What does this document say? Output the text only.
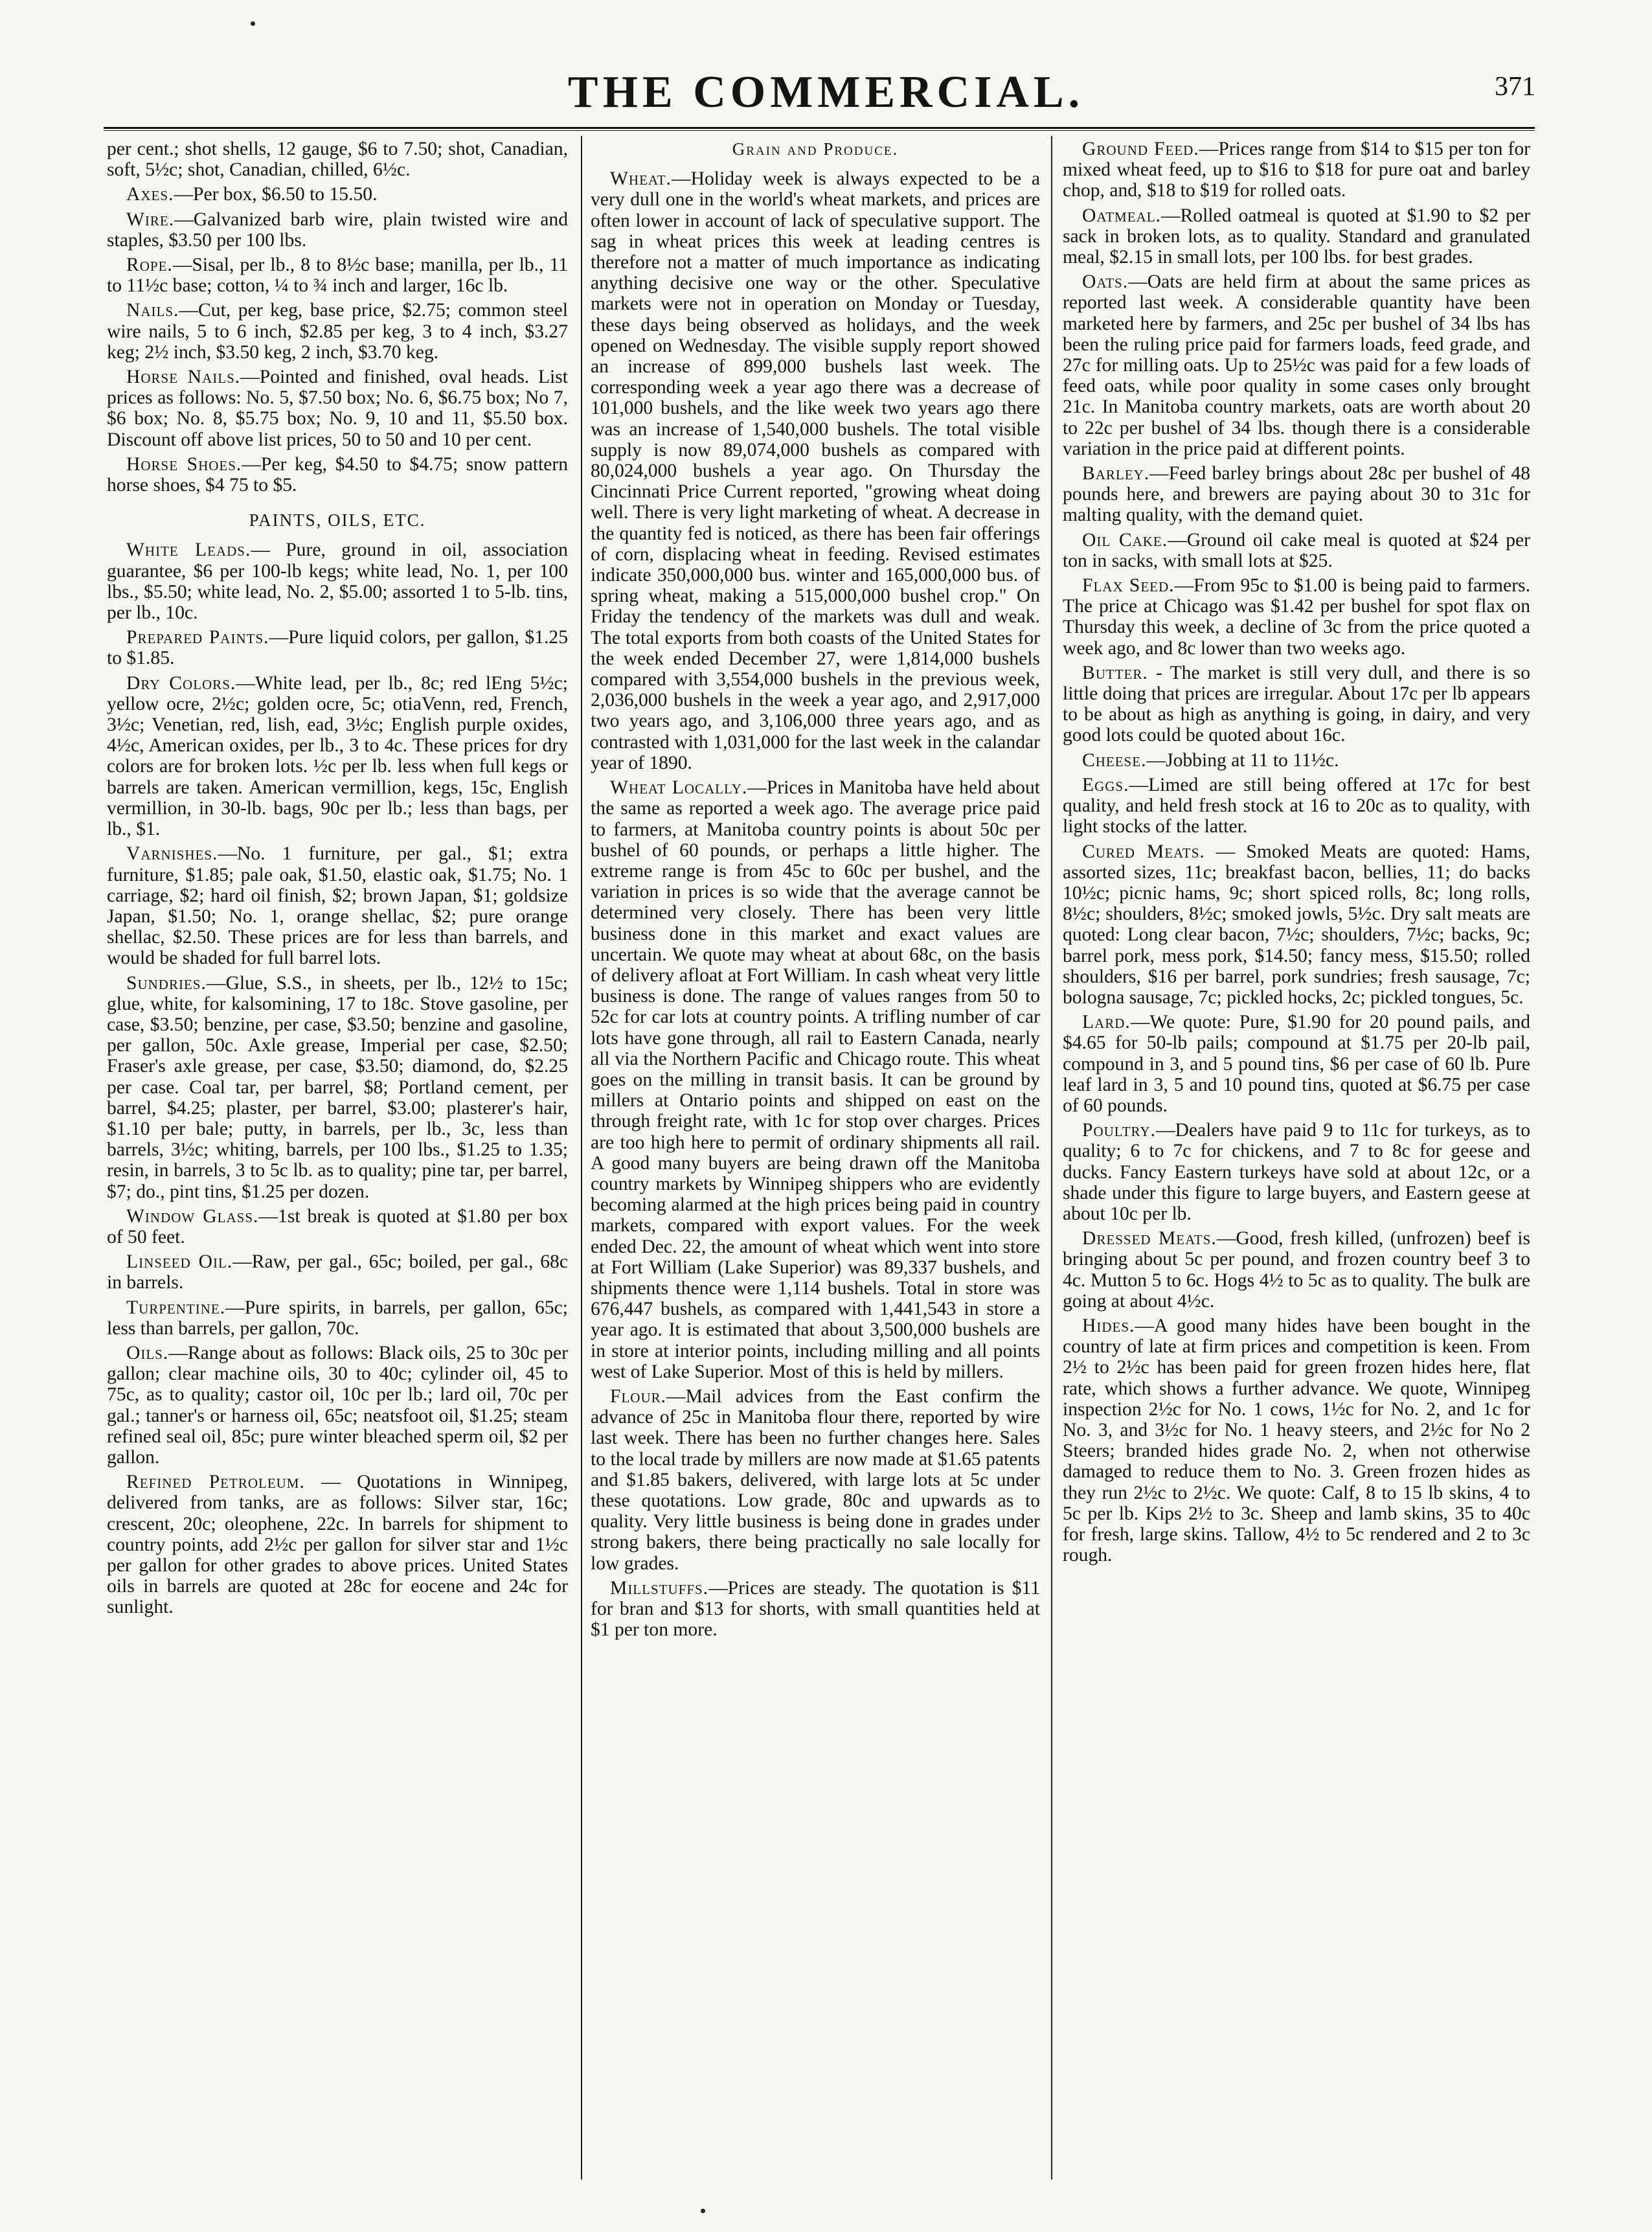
THE COMMERCIAL.	371

per cent.; shot shells, 12 gauge, $6 to 7.50; shot, Canadian, soft, 5½c; shot, Canadian, chilled, 6½c.

Axes.—Per box, $6.50 to 15.50.

Wire.—Galvanized barb wire, plain twisted wire and staples, $3.50 per 100 lbs.

Rope.—Sisal, per lb., 8 to 8½c base; manilla, per lb., 11 to 11½c base; cotton, ¼ to ¾ inch and larger, 16c lb.

Nails.—Cut, per keg, base price, $2.75; common steel wire nails, 5 to 6 inch, $2.85 per keg, 3 to 4 inch, $3.27 keg; 2½ inch, $3.50 keg, 2 inch, $3.70 keg.

Horse Nails.—Pointed and finished, oval heads. List prices as follows: No. 5, $7.50 box; No. 6, $6.75 box; No 7, $6 box; No. 8, $5.75 box; No. 9, 10 and 11, $5.50 box. Discount off above list prices, 50 to 50 and 10 per cent.

Horse Shoes.—Per keg, $4.50 to $4.75; snow pattern horse shoes, $4 75 to $5.

PAINTS, OILS, ETC.

White Leads.— Pure, ground in oil, association guarantee, $6 per 100-lb kegs; white lead, No. 1, per 100 lbs., $5.50; white lead, No. 2, $5.00; assorted 1 to 5-lb. tins, per lb., 10c.

Prepared Paints.—Pure liquid colors, per gallon, $1.25 to $1.85.

Dry Colors.—White lead, per lb., 8c; red lEng 5½c; yellow ocre, 2½c; golden ocre, 5c; otiaVenn, red, French, 3½c; Venetian, red, lish, ead, 3½c; English purple oxides, 4½c, American oxides, per lb., 3 to 4c. These prices for dry colors are for broken lots. ½c per lb. less when full kegs or barrels are taken. American vermillion, kegs, 15c, English vermillion, in 30-lb. bags, 90c per lb.; less than bags, per lb., $1.

Varnishes.—No. 1 furniture, per gal., $1; extra furniture, $1.85; pale oak, $1.50, elastic oak, $1.75; No. 1 carriage, $2; hard oil finish, $2; brown Japan, $1; goldsize Japan, $1.50; No. 1, orange shellac, $2; pure orange shellac, $2.50. These prices are for less than barrels, and would be shaded for full barrel lots.

Sundries.—Glue, S.S., in sheets, per lb., 12½ to 15c; glue, white, for kalsomining, 17 to 18c. Stove gasoline, per case, $3.50; benzine, per case, $3.50; benzine and gasoline, per gallon, 50c. Axle grease, Imperial per case, $2.50; Fraser's axle grease, per case, $3.50; diamond, do, $2.25 per case. Coal tar, per barrel, $8; Portland cement, per barrel, $4.25; plaster, per barrel, $3.00; plasterer's hair, $1.10 per bale; putty, in barrels, per lb., 3c, less than barrels, 3½c; whiting, barrels, per 100 lbs., $1.25 to 1.35; resin, in barrels, 3 to 5c lb. as to quality; pine tar, per barrel, $7; do., pint tins, $1.25 per dozen.

Window Glass.—1st break is quoted at $1.80 per box of 50 feet.

Linseed Oil.—Raw, per gal., 65c; boiled, per gal., 68c in barrels.

Turpentine.—Pure spirits, in barrels, per gallon, 65c; less than barrels, per gallon, 70c.

Oils.—Range about as follows: Black oils, 25 to 30c per gallon; clear machine oils, 30 to 40c; cylinder oil, 45 to 75c, as to quality; castor oil, 10c per lb.; lard oil, 70c per gal.; tanner's or harness oil, 65c; neatsfoot oil, $1.25; steam refined seal oil, 85c; pure winter bleached sperm oil, $2 per gallon.

Refined Petroleum. — Quotations in Winnipeg, delivered from tanks, are as follows: Silver star, 16c; crescent, 20c; oleophene, 22c. In barrels for shipment to country points, add 2½c per gallon for silver star and 1½c per gallon for other grades to above prices. United States oils in barrels are quoted at 28c for eocene and 24c for sunlight.

Grain and Produce.

Wheat.—Holiday week is always expected to be a very dull one in the world's wheat markets, and prices are often lower in account of lack of speculative support. The sag in wheat prices this week at leading centres is therefore not a matter of much importance as indicating anything decisive one way or the other. Speculative markets were not in operation on Monday or Tuesday, these days being observed as holidays, and the week opened on Wednesday. The visible supply report showed an increase of 899,000 bushels last week. The corresponding week a year ago there was a decrease of 101,000 bushels, and the like week two years ago there was an increase of 1,540,000 bushels. The total visible supply is now 89,074,000 bushels as compared with 80,024,000 bushels a year ago. On Thursday the Cincinnati Price Current reported, "growing wheat doing well. There is very light marketing of wheat. A decrease in the quantity fed is noticed, as there has been fair offerings of corn, displacing wheat in feeding. Revised estimates indicate 350,000,000 bus. winter and 165,000,000 bus. of spring wheat, making a 515,000,000 bushel crop." On Friday the tendency of the markets was dull and weak. The total exports from both coasts of the United States for the week ended December 27, were 1,814,000 bushels compared with 3,554,000 bushels in the previous week, 2,036,000 bushels in the week a year ago, and 2,917,000 two years ago, and 3,106,000 three years ago, and as contrasted with 1,031,000 for the last week in the calandar year of 1890.

Wheat Locally.—Prices in Manitoba have held about the same as reported a week ago. The average price paid to farmers, at Manitoba country points is about 50c per bushel of 60 pounds, or perhaps a little higher. The extreme range is from 45c to 60c per bushel, and the variation in prices is so wide that the average cannot be determined very closely. There has been very little business done in this market and exact values are uncertain. We quote may wheat at about 68c, on the basis of delivery afloat at Fort William. In cash wheat very little business is done. The range of values ranges from 50 to 52c for car lots at country points. A trifling number of car lots have gone through, all rail to Eastern Canada, nearly all via the Northern Pacific and Chicago route. This wheat goes on the milling in transit basis. It can be ground by millers at Ontario points and shipped on east on the through freight rate, with 1c for stop over charges. Prices are too high here to permit of ordinary shipments all rail. A good many buyers are being drawn off the Manitoba country markets by Winnipeg shippers who are evidently becoming alarmed at the high prices being paid in country markets, compared with export values. For the week ended Dec. 22, the amount of wheat which went into store at Fort William (Lake Superior) was 89,337 bushels, and shipments thence were 1,114 bushels. Total in store was 676,447 bushels, as compared with 1,441,543 in store a year ago. It is estimated that about 3,500,000 bushels are in store at interior points, including milling and all points west of Lake Superior. Most of this is held by millers.

Flour.—Mail advices from the East confirm the advance of 25c in Manitoba flour there, reported by wire last week. There has been no further changes here. Sales to the local trade by millers are now made at $1.65 patents and $1.85 bakers, delivered, with large lots at 5c under these quotations. Low grade, 80c and upwards as to quality. Very little business is being done in grades under strong bakers, there being practically no sale locally for low grades.

Millstuffs.—Prices are steady. The quotation is $11 for bran and $13 for shorts, with small quantities held at $1 per ton more.

Ground Feed.—Prices range from $14 to $15 per ton for mixed wheat feed, up to $16 to $18 for pure oat and barley chop, and, $18 to $19 for rolled oats.

Oatmeal.—Rolled oatmeal is quoted at $1.90 to $2 per sack in broken lots, as to quality. Standard and granulated meal, $2.15 in small lots, per 100 lbs. for best grades.

Oats.—Oats are held firm at about the same prices as reported last week. A considerable quantity have been marketed here by farmers, and 25c per bushel of 34 lbs has been the ruling price paid for farmers loads, feed grade, and 27c for milling oats. Up to 25½c was paid for a few loads of feed oats, while poor quality in some cases only brought 21c. In Manitoba country markets, oats are worth about 20 to 22c per bushel of 34 lbs. though there is a considerable variation in the price paid at different points.

Barley.—Feed barley brings about 28c per bushel of 48 pounds here, and brewers are paying about 30 to 31c for malting quality, with the demand quiet.

Oil Cake.—Ground oil cake meal is quoted at $24 per ton in sacks, with small lots at $25.

Flax Seed.—From 95c to $1.00 is being paid to farmers. The price at Chicago was $1.42 per bushel for spot flax on Thursday this week, a decline of 3c from the price quoted a week ago, and 8c lower than two weeks ago.

Butter. - The market is still very dull, and there is so little doing that prices are irregular. About 17c per lb appears to be about as high as anything is going, in dairy, and very good lots could be quoted about 16c.

Cheese.—Jobbing at 11 to 11½c.

Eggs.—Limed are still being offered at 17c for best quality, and held fresh stock at 16 to 20c as to quality, with light stocks of the latter.

Cured Meats. — Smoked Meats are quoted: Hams, assorted sizes, 11c; breakfast bacon, bellies, 11; do backs 10½c; picnic hams, 9c; short spiced rolls, 8c; long rolls, 8½c; shoulders, 8½c; smoked jowls, 5½c. Dry salt meats are quoted: Long clear bacon, 7½c; shoulders, 7½c; backs, 9c; barrel pork, mess pork, $14.50; fancy mess, $15.50; rolled shoulders, $16 per barrel, pork sundries; fresh sausage, 7c; bologna sausage, 7c; pickled hocks, 2c; pickled tongues, 5c.

Lard.—We quote: Pure, $1.90 for 20 pound pails, and $4.65 for 50-lb pails; compound at $1.75 per 20-lb pail, compound in 3, and 5 pound tins, $6 per case of 60 lb. Pure leaf lard in 3, 5 and 10 pound tins, quoted at $6.75 per case of 60 pounds.

Poultry.—Dealers have paid 9 to 11c for turkeys, as to quality; 6 to 7c for chickens, and 7 to 8c for geese and ducks. Fancy Eastern turkeys have sold at about 12c, or a shade under this figure to large buyers, and Eastern geese at about 10c per lb.

Dressed Meats.—Good, fresh killed, (unfrozen) beef is bringing about 5c per pound, and frozen country beef 3 to 4c. Mutton 5 to 6c. Hogs 4½ to 5c as to quality. The bulk are going at about 4½c.

Hides.—A good many hides have been bought in the country of late at firm prices and competition is keen. From 2½ to 2½c has been paid for green frozen hides here, flat rate, which shows a further advance. We quote, Winnipeg inspection 2½c for No. 1 cows, 1½c for No. 2, and 1c for No. 3, and 3½c for No. 1 heavy steers, and 2½c for No 2 Steers; branded hides grade No. 2, when not otherwise damaged to reduce them to No. 3. Green frozen hides as they run 2½c to 2½c. We quote: Calf, 8 to 15 lb skins, 4 to 5c per lb. Kips 2½ to 3c. Sheep and lamb skins, 35 to 40c for fresh, large skins. Tallow, 4½ to 5c rendered and 2 to 3c rough.
